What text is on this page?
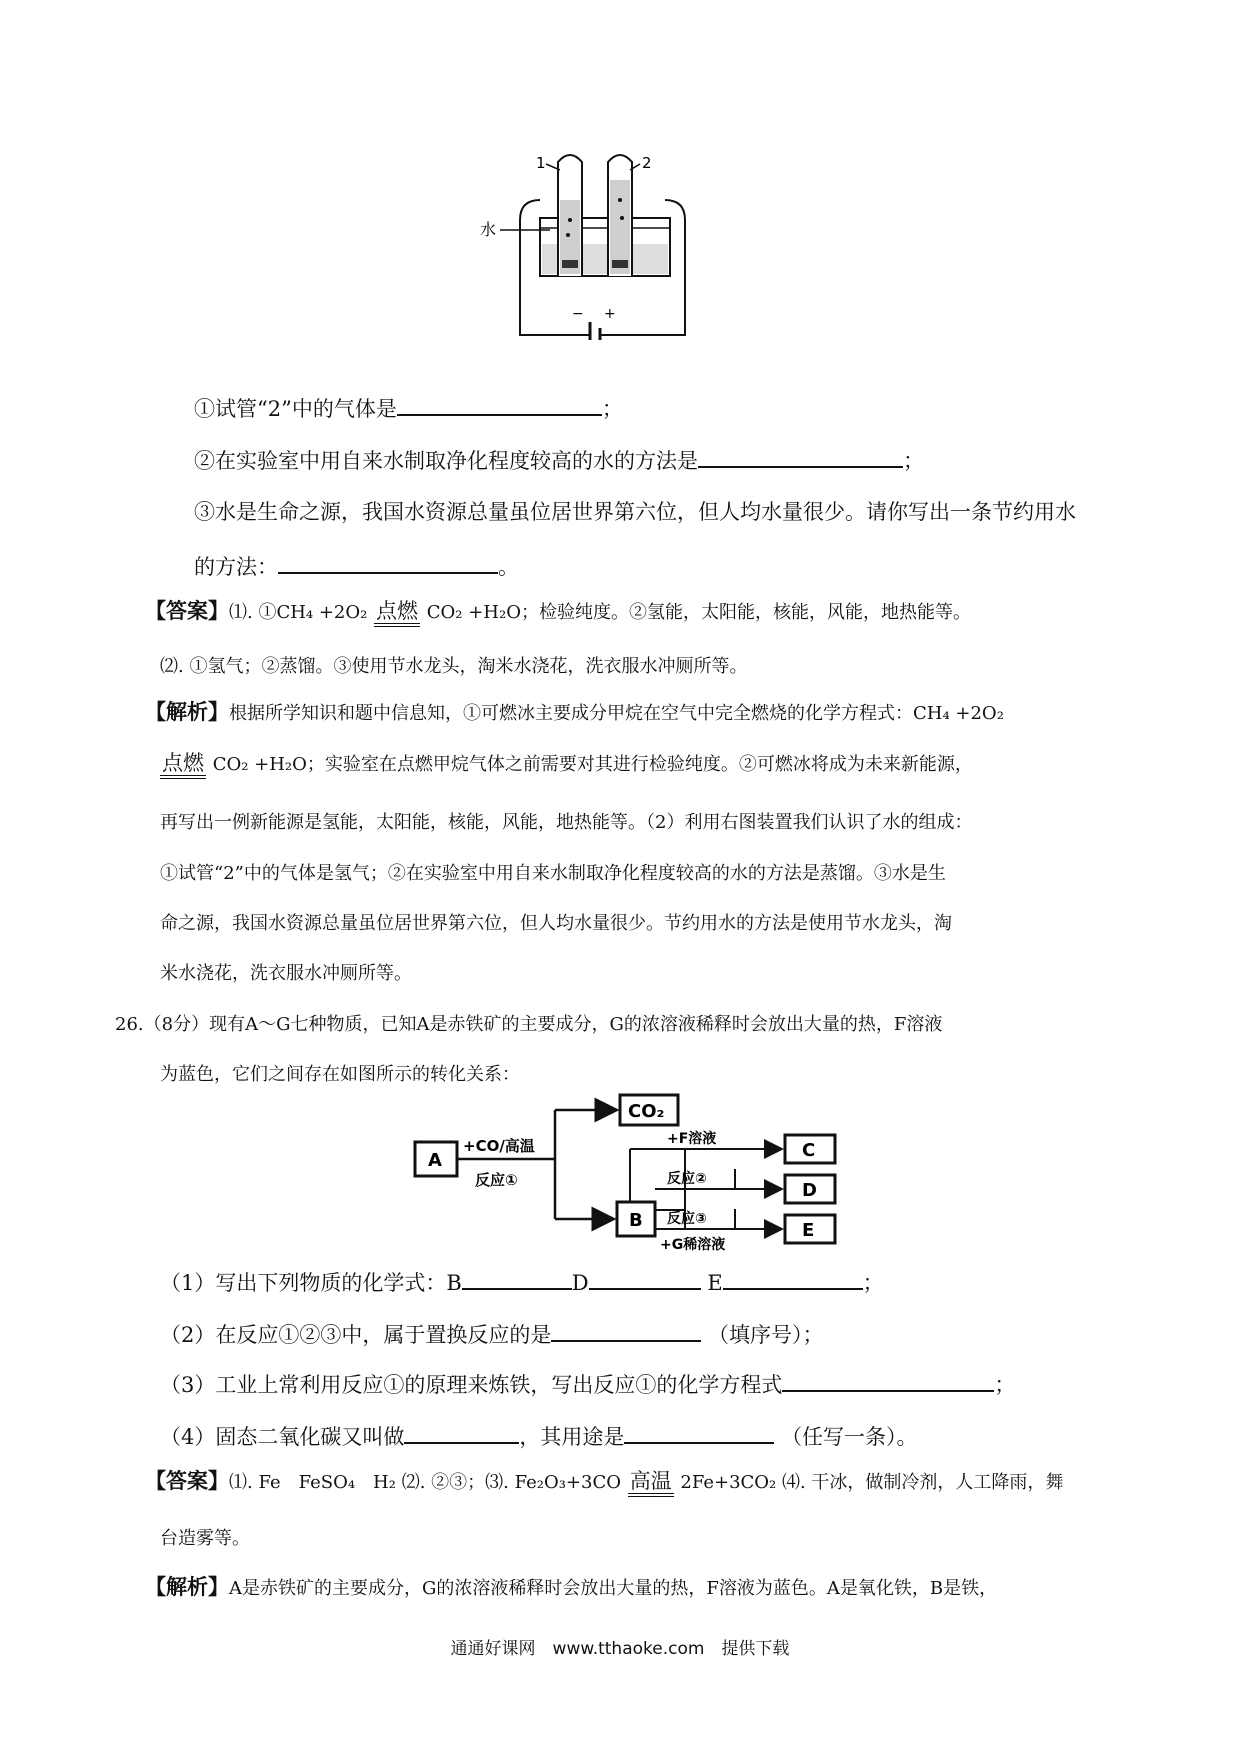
− +
1	2
水
①试管“2”中的气体是	；
②在实验室中用自来水制取净化程度较高的水的方法是	；
③水是生命之源，我国水资源总量虽位居世界第六位，但人均水量很少。请你写出一条节约用水
的方法：	。
【答案】⑴. ①CH₄ +2O₂ 点燃 CO₂ +H₂O；检验纯度。②氢能，太阳能，核能，风能，地热能等。
⑵. ①氢气；②蒸馏。③使用节水龙头，淘米水浇花，洗衣服水冲厕所等。
【解析】根据所学知识和题中信息知，①可燃冰主要成分甲烷在空气中完全燃烧的化学方程式：CH₄ +2O₂
点燃 CO₂ +H₂O；实验室在点燃甲烷气体之前需要对其进行检验纯度。②可燃冰将成为未来新能源，
再写出一例新能源是氢能，太阳能，核能，风能，地热能等。（2）利用右图装置我们认识了水的组成：
①试管“2”中的气体是氢气；②在实验室中用自来水制取净化程度较高的水的方法是蒸馏。③水是生
命之源，我国水资源总量虽位居世界第六位，但人均水量很少。节约用水的方法是使用节水龙头，淘
米水浇花，洗衣服水冲厕所等。
26.（8分）现有A～G七种物质，已知A是赤铁矿的主要成分，G的浓溶液稀释时会放出大量的热，F溶液
为蓝色，它们之间存在如图所示的转化关系：
A
CO₂
B
C
D
E
+CO/高温
反应①
+F溶液
反应②
反应③
+G稀溶液
（1）写出下列物质的化学式：B	D	E	；
（2）在反应①②③中，属于置换反应的是	（填序号）；
（3）工业上常利用反应①的原理来炼铁，写出反应①的化学方程式	；
（4）固态二氧化碳又叫做	，其用途是	（任写一条）。
【答案】⑴. Fe　FeSO₄　H₂ ⑵. ②③；⑶. Fe₂O₃+3CO 高温 2Fe+3CO₂ ⑷. 干冰，做制冷剂，人工降雨，舞
台造雾等。
【解析】A是赤铁矿的主要成分，G的浓溶液稀释时会放出大量的热，F溶液为蓝色。A是氧化铁，B是铁，
通通好课网　www.tthaoke.com　提供下载
